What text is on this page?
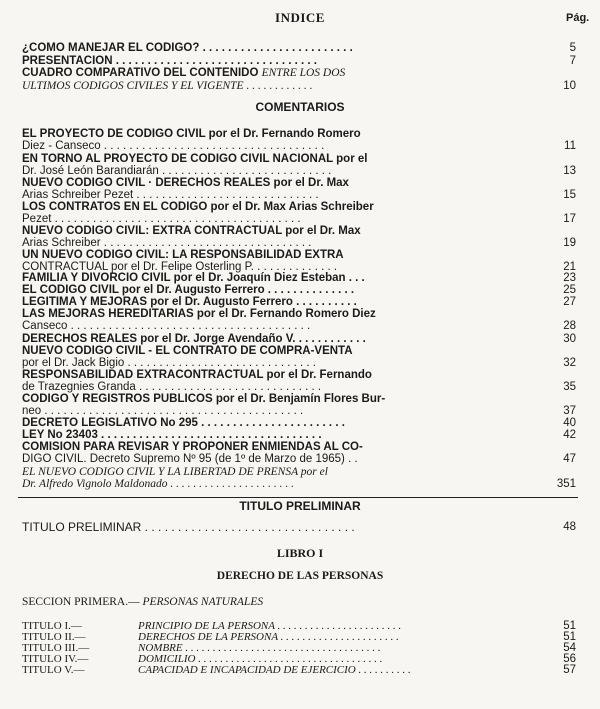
INDICE	Pág.
¿COMO MANEJAR EL CODIGO? . . . . . . . . . . . . . . . . . . . . . . . .	5
PRESENTACION . . . . . . . . . . . . . . . . . . . . . . . . . . . . . . . .	7
CUADRO COMPARATIVO DEL CONTENIDO ENTRE LOS DOS
ULTIMOS CODIGOS CIVILES Y EL VIGENTE . . . . . . . . . . . .	10
COMENTARIOS
EL PROYECTO DE CODIGO CIVIL por el Dr. Fernando Romero
Diez - Canseco . . . . . . . . . . . . . . . . . . . . . . . . . . . . . . . . . . .	11
EN TORNO AL PROYECTO DE CODIGO CIVIL NACIONAL por el
Dr. José León Barandiarán . . . . . . . . . . . . . . . . . . . . . . . . . . .	13
NUEVO CODIGO CIVIL · DERECHOS REALES por el Dr. Max
Arias Schreiber Pezet . . . . . . . . . . . . . . . . . . . . . . . . . . . . .	15
LOS CONTRATOS EN EL CODIGO por el Dr. Max Arias Schreiber
Pezet . . . . . . . . . . . . . . . . . . . . . . . . . . . . . . . . . . . . . . .	17
NUEVO CODIGO CIVIL: EXTRA CONTRACTUAL por el Dr. Max
Arias Schreiber . . . . . . . . . . . . . . . . . . . . . . . . . . . . . . . . .	19
UN NUEVO CODIGO CIVIL: LA RESPONSABILIDAD EXTRA
CONTRACTUAL por el Dr. Felipe Osterling P. . . . . . . . . . . . . .	21
FAMILIA Y DIVORCIO CIVIL por el Dr. Joaquín Diez Esteban . . .	23
EL CODIGO CIVIL por el Dr. Augusto Ferrero . . . . . . . . . . . . . .	25
LEGITIMA Y MEJORAS por el Dr. Augusto Ferrero . . . . . . . . . .	27
LAS MEJORAS HEREDITARIAS por el Dr. Fernando Romero Diez
Canseco . . . . . . . . . . . . . . . . . . . . . . . . . . . . . . . . . . . . . .	28
DERECHOS REALES por el Dr. Jorge Avendaño V. . . . . . . . . . . .	30
NUEVO CODIGO CIVIL - EL CONTRATO DE COMPRA-VENTA
por el Dr. Jack Bigio . . . . . . . . . . . . . . . . . . . . . . . . . . . . . .	32
RESPONSABILIDAD EXTRACONTRACTUAL por el Dr. Fernando
de Trazegnies Granda . . . . . . . . . . . . . . . . . . . . . . . . . . . . .	35
CODIGO Y REGISTROS PUBLICOS por el Dr. Benjamín Flores Bur-
neo . . . . . . . . . . . . . . . . . . . . . . . . . . . . . . . . . . . . . . . . .	37
DECRETO LEGISLATIVO No 295 . . . . . . . . . . . . . . . . . . . . . . .	40
LEY No 23403 . . . . . . . . . . . . . . . . . . . . . . . . . . . . . . . . . . .	42
COMISION PARA REVISAR Y PROPONER ENMIENDAS AL CO-
DIGO CIVIL. Decreto Supremo Nº 95 (de 1º de Marzo de 1965) . .	47
EL NUEVO CODIGO CIVIL Y LA LIBERTAD DE PRENSA por el
Dr. Alfredo Vignolo Maldonado . . . . . . . . . . . . . . . . . . . . . .	351
TITULO PRELIMINAR
TITULO PRELIMINAR . . . . . . . . . . . . . . . . . . . . . . . . . . . . . . . .	48
LIBRO I
DERECHO DE LAS PERSONAS
SECCION PRIMERA.— PERSONAS NATURALES
TITULO I.—	PRINCIPIO DE LA PERSONA . . . . . . . . . . . . . . . . . . . . . . .	51
TITULO II.—	DERECHOS DE LA PERSONA . . . . . . . . . . . . . . . . . . . . . .	51
TITULO III.—	NOMBRE . . . . . . . . . . . . . . . . . . . . . . . . . . . . . . . . . . . .	54
TITULO IV.—	DOMICILIO . . . . . . . . . . . . . . . . . . . . . . . . . . . . . . . . . .	56
TITULO V.—	CAPACIDAD E INCAPACIDAD DE EJERCICIO . . . . . . . . . .	57
